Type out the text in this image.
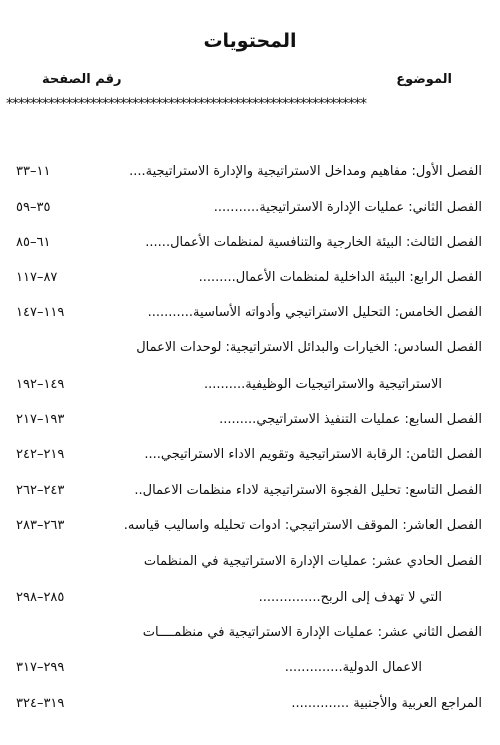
المحتويات
الموضوع
رقم الصفحة
************************************************************
الفصل الأول: مفاهيم ومداخل الاستراتيجية والإدارة الاستراتيجية....
١١–٣٣
الفصل الثاني: عمليات الإدارة الاستراتيجية...........
٣٥–٥٩
الفصل الثالث: البيئة الخارجية والتنافسية لمنظمات الأعمال......
٦١–٨٥
الفصل الرابع: البيئة الداخلية لمنظمات الأعمال.........
٨٧–١١٧
الفصل الخامس: التحليل الاستراتيجي وأدواته الأساسية...........
١١٩–١٤٧
الفصل السادس: الخيارات والبدائل الاستراتيجية: لوحدات الاعمال
الاستراتيجية والاستراتيجيات الوظيفية..........
١٤٩–١٩٢
الفصل السابع: عمليات التنفيذ الاستراتيجي.........
١٩٣–٢١٧
الفصل الثامن: الرقابة الاستراتيجية وتقويم الاداء الاستراتيجي....
٢١٩–٢٤٢
الفصل التاسع: تحليل الفجوة الاستراتيجية لاداء منظمات الاعمال..
٢٤٣–٢٦٢
الفصل العاشر: الموقف الاستراتيجي: ادوات تحليله واساليب قياسه.
٢٦٣–٢٨٣
الفصل الحادي عشر: عمليات الإدارة الاستراتيجية في المنظمات
التي لا تهدف إلى الربح...............
٢٨٥–٢٩٨
الفصل الثاني عشر: عمليات الإدارة الاستراتيجية في منظمــــات
الاعمال الدولية..............
٢٩٩–٣١٧
المراجع العربية والأجنبية ..............
٣١٩–٣٢٤
